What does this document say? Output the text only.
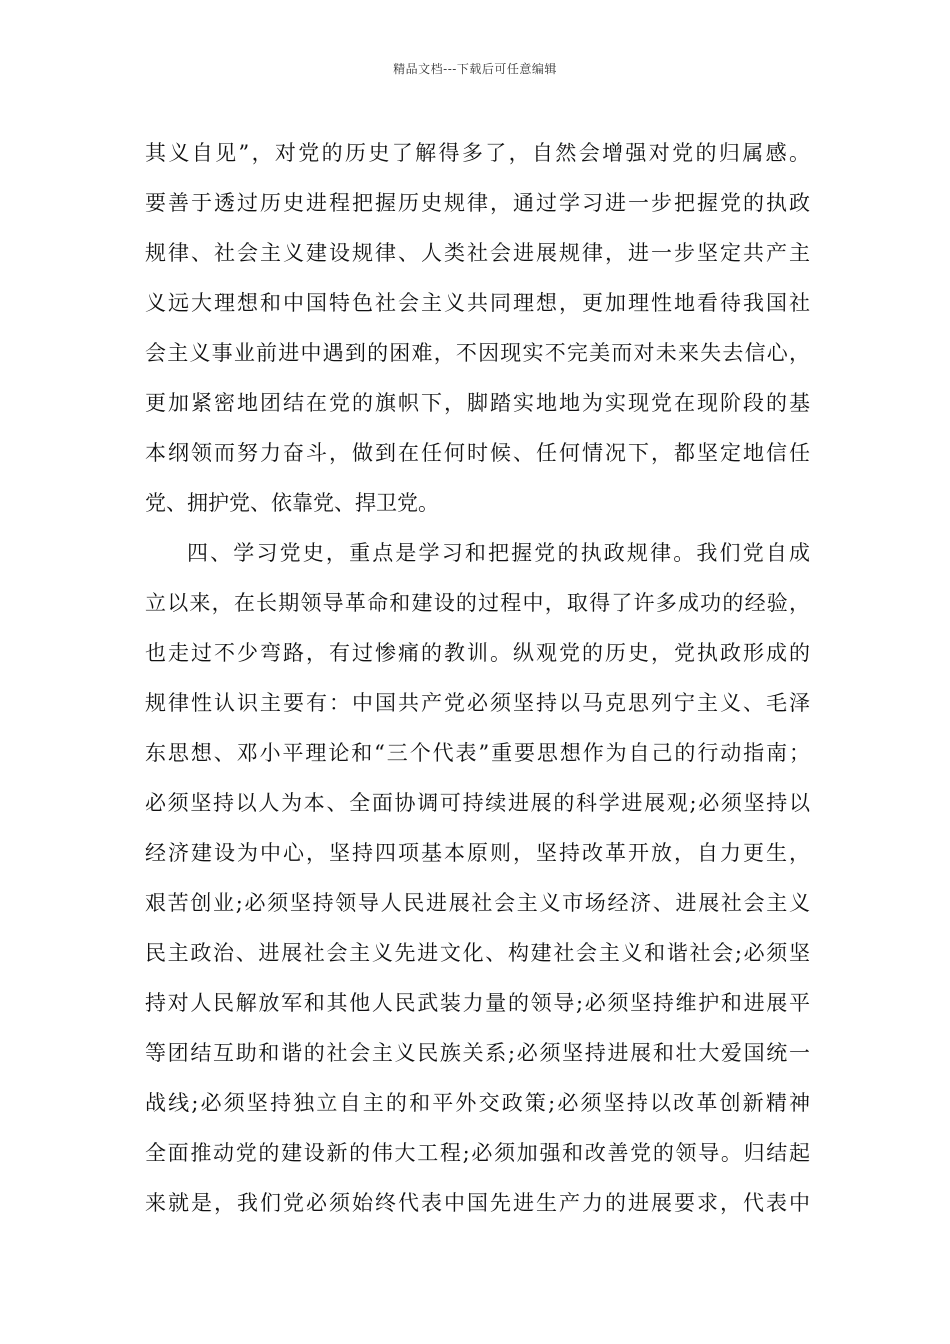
精品文档---下载后可任意编辑
其义自见”，对党的历史了解得多了，自然会增强对党的归属感。
要善于透过历史进程把握历史规律，通过学习进一步把握党的执政
规律、社会主义建设规律、人类社会进展规律，进一步坚定共产主
义远大理想和中国特色社会主义共同理想，更加理性地看待我国社
会主义事业前进中遇到的困难，不因现实不完美而对未来失去信心，
更加紧密地团结在党的旗帜下，脚踏实地地为实现党在现阶段的基
本纲领而努力奋斗，做到在任何时候、任何情况下，都坚定地信任
党、拥护党、依靠党、捍卫党。
四、学习党史，重点是学习和把握党的执政规律。我们党自成
立以来，在长期领导革命和建设的过程中，取得了许多成功的经验，
也走过不少弯路，有过惨痛的教训。纵观党的历史，党执政形成的
规律性认识主要有：中国共产党必须坚持以马克思列宁主义、毛泽
东思想、邓小平理论和“三个代表”重要思想作为自己的行动指南；
必须坚持以人为本、全面协调可持续进展的科学进展观;必须坚持以
经济建设为中心，坚持四项基本原则，坚持改革开放，自力更生，
艰苦创业;必须坚持领导人民进展社会主义市场经济、进展社会主义
民主政治、进展社会主义先进文化、构建社会主义和谐社会;必须坚
持对人民解放军和其他人民武装力量的领导;必须坚持维护和进展平
等团结互助和谐的社会主义民族关系;必须坚持进展和壮大爱国统一
战线;必须坚持独立自主的和平外交政策;必须坚持以改革创新精神
全面推动党的建设新的伟大工程;必须加强和改善党的领导。归结起
来就是，我们党必须始终代表中国先进生产力的进展要求，代表中
